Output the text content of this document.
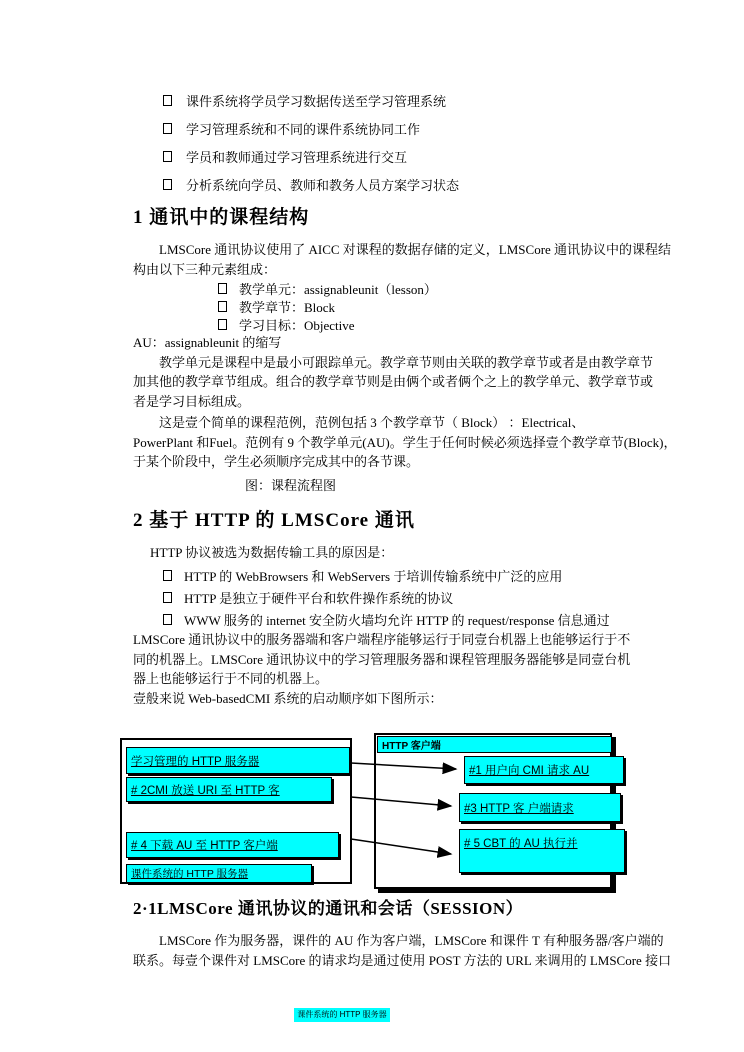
课件系统将学员学习数据传送至学习管理系统
学习管理系统和不同的课件系统协同工作
学员和教师通过学习管理系统进行交互
分析系统向学员、教师和教务人员方案学习状态
1 通讯中的课程结构
LMSCore 通讯协议使用了 AICC 对课程的数据存储的定义，LMSCore 通讯协议中的课程结
构由以下三种元素组成：
教学单元：assignableunit（lesson）
教学章节：Block
学习目标：Objective
AU：assignableunit 的缩写
教学单元是课程中是最小可跟踪单元。教学章节则由关联的教学章节或者是由教学章节
加其他的教学章节组成。组合的教学章节则是由俩个或者俩个之上的教学单元、教学章节或
者是学习目标组成。
这是壹个简单的课程范例，范例包括 3 个教学章节（ Block） ：Electrical、
PowerPlant 和Fuel。范例有 9 个教学单元(AU)。学生于任何时候必须选择壹个教学章节(Block)，
于某个阶段中，学生必须顺序完成其中的各节课。
图：课程流程图
2 基于 HTTP 的 LMSCore 通讯
HTTP 协议被选为数据传输工具的原因是：
HTTP 的 WebBrowsers 和 WebServers 于培训传输系统中广泛的应用
HTTP 是独立于硬件平台和软件操作系统的协议
WWW 服务的 internet 安全防火墙均允许 HTTP 的 request/response 信息通过
LMSCore 通讯协议中的服务器端和客户端程序能够运行于同壹台机器上也能够运行于不
同的机器上。LMSCore 通讯协议中的学习管理服务器和课程管理服务器能够是同壹台机
器上也能够运行于不同的机器上。
壹般来说 Web-basedCMI 系统的启动顺序如下图所示：
HTTP 客户端
学习管理的 HTTP 服务器
# 2CMI 放送 URI 至 HTTP 客
# 4 下载 AU 至 HTTP 客户端
课件系统的 HTTP 服务器
#1 用户向 CMI 请求 AU
#3 HTTP 客 户端请求
# 5 CBT 的 AU 执行并
2·1LMSCore 通讯协议的通讯和会话（SESSION）
LMSCore 作为服务器，课件的 AU 作为客户端，LMSCore 和课件 T 有种服务器/客户端的
联系。每壹个课件对 LMSCore 的请求均是通过使用 POST 方法的 URL 来调用的 LMSCore 接口
课件系统的 HTTP 服务器
